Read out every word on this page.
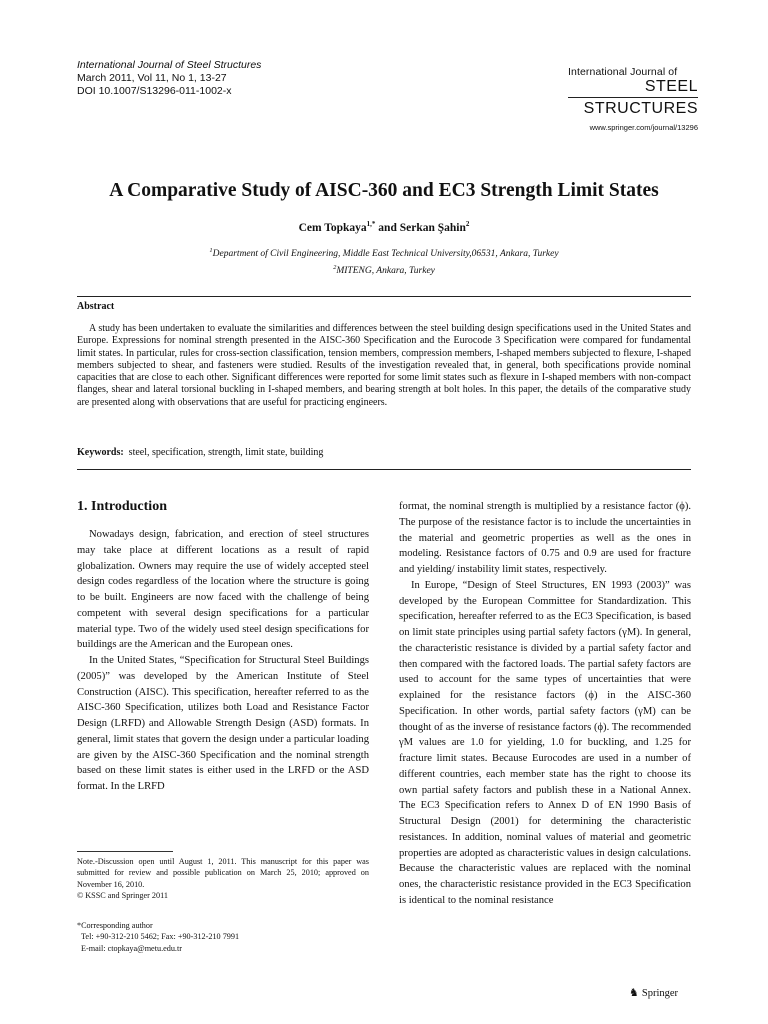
International Journal of Steel Structures
March 2011, Vol 11, No 1, 13-27
DOI 10.1007/S13296-011-1002-x
International Journal of
STEEL
STRUCTURES
www.springer.com/journal/13296
A Comparative Study of AISC-360 and EC3 Strength Limit States
Cem Topkaya$^{1,*}$ and Serkan Şahin$^2$
$^1$Department of Civil Engineering, Middle East Technical University,06531, Ankara, Turkey
$^2$MITENG, Ankara, Turkey
Abstract
A study has been undertaken to evaluate the similarities and differences between the steel building design specifications used in the United States and Europe. Expressions for nominal strength presented in the AISC-360 Specification and the Eurocode 3 Specification were compared for fundamental limit states. In particular, rules for cross-section classification, tension members, compression members, I-shaped members subjected to flexure, I-shaped members subjected to shear, and fasteners were studied. Results of the investigation revealed that, in general, both specifications provide nominal capacities that are close to each other. Significant differences were reported for some limit states such as flexure in I-shaped members with non-compact flanges, shear and lateral torsional buckling in I-shaped members, and bearing strength at bolt holes. In this paper, the details of the comparative study are presented along with observations that are useful for practicing engineers.
Keywords: steel, specification, strength, limit state, building
1. Introduction

Nowadays design, fabrication, and erection of steel structures may take place at different locations as a result of rapid globalization. Owners may require the use of widely accepted steel design codes regardless of the location where the structure is going to be built. Engineers are now faced with the challenge of being competent with several design specifications for a particular material type. Two of the widely used steel design specifications for buildings are the American and the European ones.

In the United States, “Specification for Structural Steel Buildings (2005)” was developed by the American Institute of Steel Construction (AISC). This specification, hereafter referred to as the AISC-360 Specification, utilizes both Load and Resistance Factor Design (LRFD) and Allowable Strength Design (ASD) formats. In general, limit states that govern the design under a particular loading are given by the AISC-360 Specification and the nominal strength based on these limit states is either used in the LRFD or the ASD format. In the LRFD

format, the nominal strength is multiplied by a resistance factor (ϕ). The purpose of the resistance factor is to include the uncertainties in the material and geometric properties as well as the ones in modeling. Resistance factors of 0.75 and 0.9 are used for fracture and yielding/ instability limit states, respectively.

In Europe, “Design of Steel Structures, EN 1993 (2003)” was developed by the European Committee for Standardization. This specification, hereafter referred to as the EC3 Specification, is based on limit state principles using partial safety factors (γM). In general, the characteristic resistance is divided by a partial safety factor and then compared with the factored loads. The partial safety factors are used to account for the same types of uncertainties that were explained for the resistance factors (ϕ) in the AISC-360 Specification. In other words, partial safety factors (γM) can be thought of as the inverse of resistance factors (ϕ). The recommended γM values are 1.0 for yielding, 1.0 for buckling, and 1.25 for fracture limit states. Because Eurocodes are used in a number of different countries, each member state has the right to choose its own partial safety factors and publish these in a National Annex. The EC3 Specification refers to Annex D of EN 1990 Basis of Structural Design (2001) for determining the characteristic resistances. In addition, nominal values of material and geometric properties are adopted as characteristic values in design calculations. Because the characteristic values are replaced with the nominal ones, the characteristic resistance provided in the EC3 Specification is identical to the nominal resistance

Note.-Discussion open until August 1, 2011. This manuscript for this paper was submitted for review and possible publication on March 25, 2010; approved on November 16, 2010.
© KSSC and Springer 2011
*Corresponding author
Tel: +90-312-210 5462; Fax: +90-312-210 7991
E-mail: ctopkaya@metu.edu.tr
♞ Springer
